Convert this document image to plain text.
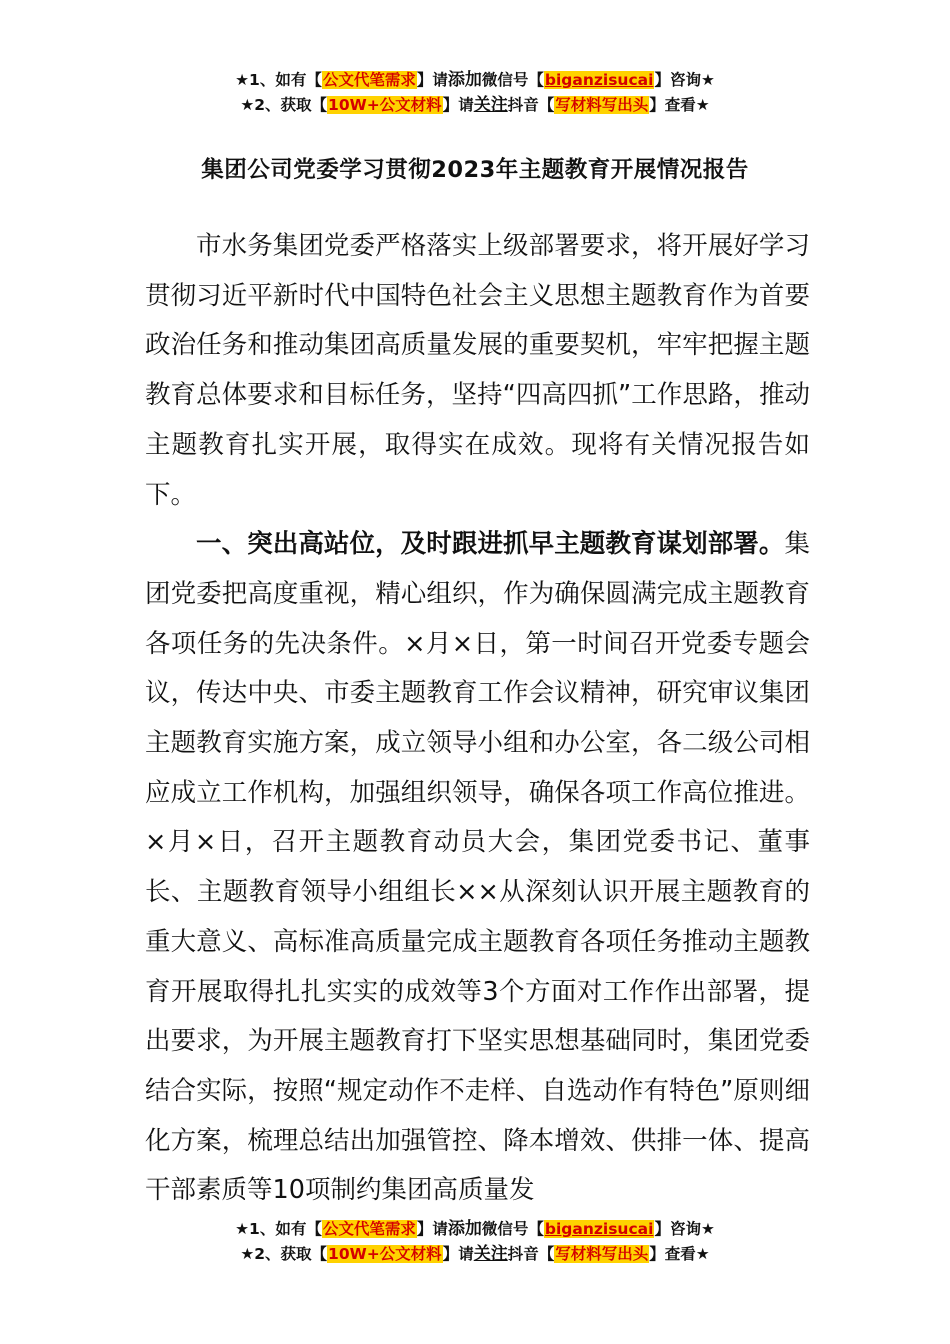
★1、如有【公文代笔需求】请添加微信号【biganzisucai】咨询★
★2、获取【10W+公文材料】请关注抖音【写材料写出头】查看★
集团公司党委学习贯彻2023年主题教育开展情况报告

市水务集团党委严格落实上级部署要求，将开展好学习贯彻习近平新时代中国特色社会主义思想主题教育作为首要政治任务和推动集团高质量发展的重要契机，牢牢把握主题教育总体要求和目标任务，坚持“四高四抓”工作思路，推动主题教育扎实开展，取得实在成效。现将有关情况报告如下。

一、突出高站位，及时跟进抓早主题教育谋划部署。集团党委把高度重视，精心组织，作为确保圆满完成主题教育各项任务的先决条件。×月×日，第一时间召开党委专题会议，传达中央、市委主题教育工作会议精神，研究审议集团主题教育实施方案，成立领导小组和办公室，各二级公司相应成立工作机构，加强组织领导，确保各项工作高位推进。×月×日，召开主题教育动员大会，集团党委书记、董事长、主题教育领导小组组长××从深刻认识开展主题教育的重大意义、高标准高质量完成主题教育各项任务推动主题教育开展取得扎扎实实的成效等3个方面对工作作出部署，提出要求，为开展主题教育打下坚实思想基础同时，集团党委结合实际，按照“规定动作不走样、自选动作有特色”原则细化方案，梳理总结出加强管控、降本增效、供排一体、提高干部素质等10项制约集团高质量发

★1、如有【公文代笔需求】请添加微信号【biganzisucai】咨询★
★2、获取【10W+公文材料】请关注抖音【写材料写出头】查看★
